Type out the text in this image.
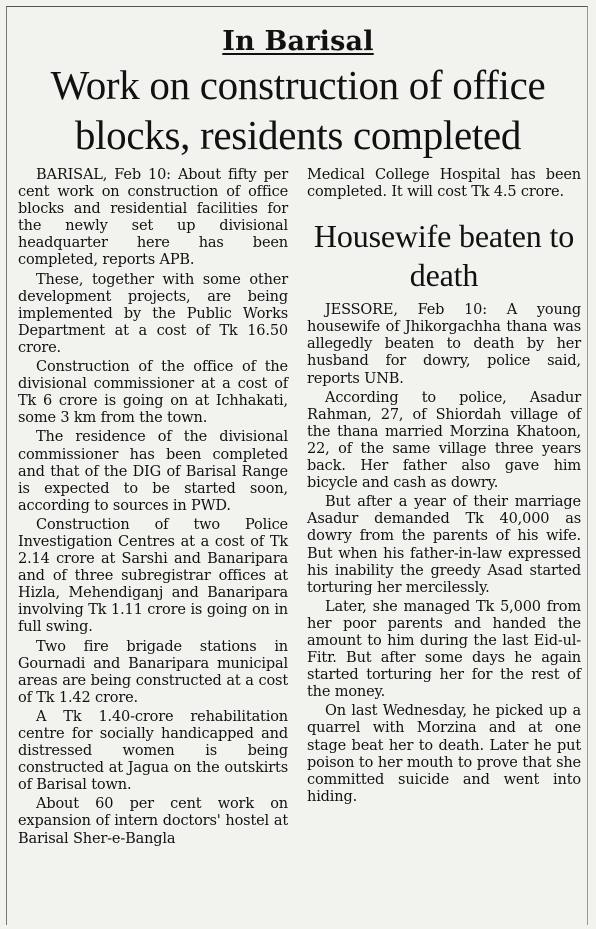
In Barisal
Work on construction of office blocks, residents completed

BARISAL, Feb 10: About fifty per cent work on construction of office blocks and residential facilities for the newly set up divisional headquarter here has been completed, reports APB.

These, together with some other development projects, are being implemented by the Public Works Department at a cost of Tk 16.50 crore.

Construction of the office of the divisional commissioner at a cost of Tk 6 crore is going on at Ichhakati, some 3 km from the town.

The residence of the divisional commissioner has been completed and that of the DIG of Barisal Range is expected to be started soon, according to sources in PWD.

Construction of two Police Investigation Centres at a cost of Tk 2.14 crore at Sarshi and Banaripara and of three subregistrar offices at Hizla, Mehendiganj and Banaripara involving Tk 1.11 crore is going on in full swing.

Two fire brigade stations in Gournadi and Banaripara municipal areas are being constructed at a cost of Tk 1.42 crore.

A Tk 1.40-crore rehabilitation centre for socially handicapped and distressed women is being constructed at Jagua on the outskirts of Barisal town.

About 60 per cent work on expansion of intern doctors' hostel at Barisal Sher-e-Bangla

Medical College Hospital has been completed. It will cost Tk 4.5 crore.

Housewife beaten to death

JESSORE, Feb 10: A young housewife of Jhikorgachha thana was allegedly beaten to death by her husband for dowry, police said, reports UNB.

According to police, Asadur Rahman, 27, of Shiordah village of the thana married Morzina Khatoon, 22, of the same village three years back. Her father also gave him bicycle and cash as dowry.

But after a year of their marriage Asadur demanded Tk 40,000 as dowry from the parents of his wife. But when his father-in-law expressed his inability the greedy Asad started torturing her mercilessly.

Later, she managed Tk 5,000 from her poor parents and handed the amount to him during the last Eid-ul-Fitr. But after some days he again started torturing her for the rest of the money.

On last Wednesday, he picked up a quarrel with Morzina and at one stage beat her to death. Later he put poison to her mouth to prove that she committed suicide and went into hiding.
